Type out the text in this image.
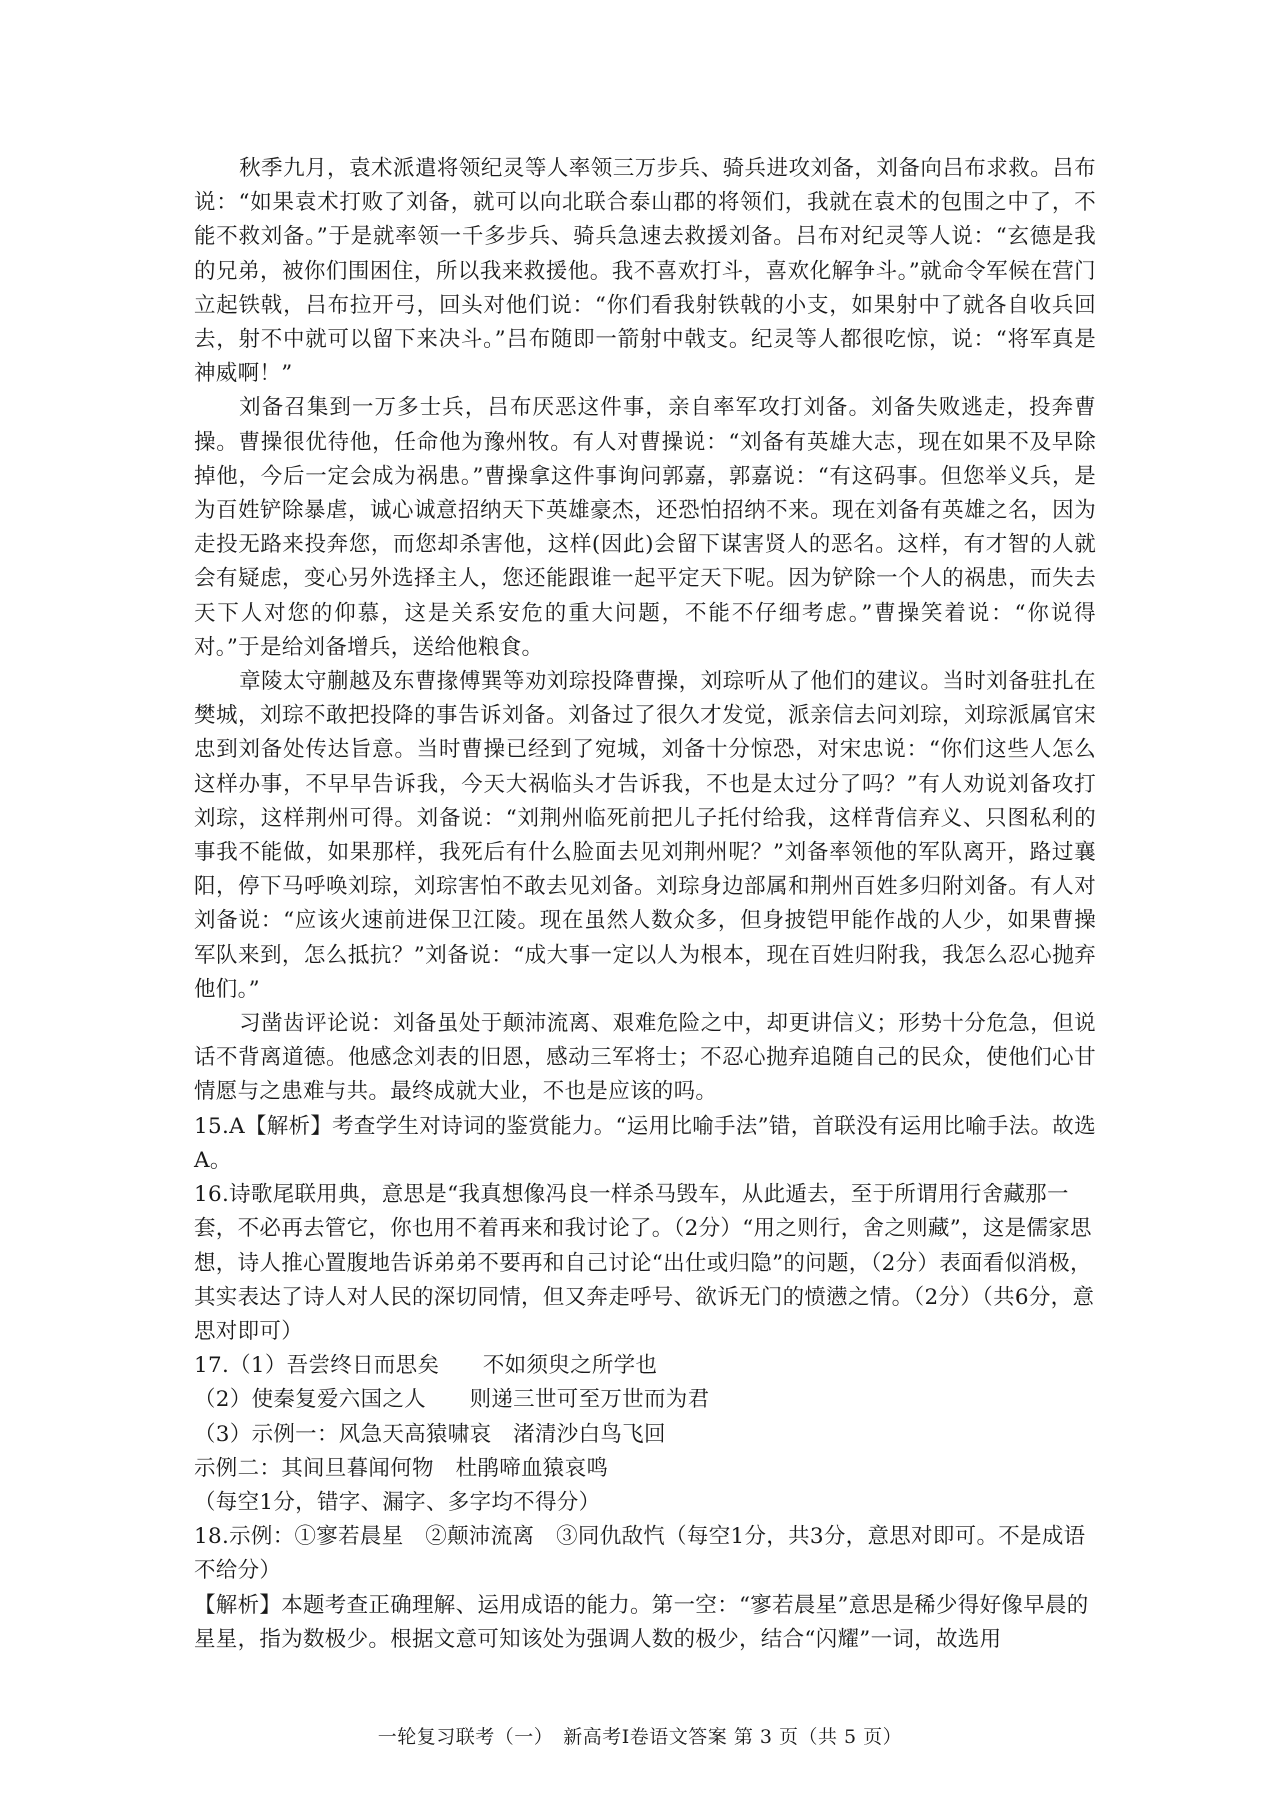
秋季九月，袁术派遣将领纪灵等人率领三万步兵、骑兵进攻刘备，刘备向吕布求救。吕布说：“如果袁术打败了刘备，就可以向北联合泰山郡的将领们，我就在袁术的包围之中了，不能不救刘备。”于是就率领一千多步兵、骑兵急速去救援刘备。吕布对纪灵等人说：“玄德是我的兄弟，被你们围困住，所以我来救援他。我不喜欢打斗，喜欢化解争斗。”就命令军候在营门立起铁戟，吕布拉开弓，回头对他们说：“你们看我射铁戟的小支，如果射中了就各自收兵回去，射不中就可以留下来决斗。”吕布随即一箭射中戟支。纪灵等人都很吃惊，说：“将军真是神威啊！”

刘备召集到一万多士兵，吕布厌恶这件事，亲自率军攻打刘备。刘备失败逃走，投奔曹操。曹操很优待他，任命他为豫州牧。有人对曹操说：“刘备有英雄大志，现在如果不及早除掉他，今后一定会成为祸患。”曹操拿这件事询问郭嘉，郭嘉说：“有这码事。但您举义兵，是为百姓铲除暴虐，诚心诚意招纳天下英雄豪杰，还恐怕招纳不来。现在刘备有英雄之名，因为走投无路来投奔您，而您却杀害他，这样(因此)会留下谋害贤人的恶名。这样，有才智的人就会有疑虑，变心另外选择主人，您还能跟谁一起平定天下呢。因为铲除一个人的祸患，而失去天下人对您的仰慕，这是关系安危的重大问题，不能不仔细考虑。”曹操笑着说：“你说得对。”于是给刘备增兵，送给他粮食。

章陵太守蒯越及东曹掾傅巽等劝刘琮投降曹操，刘琮听从了他们的建议。当时刘备驻扎在樊城，刘琮不敢把投降的事告诉刘备。刘备过了很久才发觉，派亲信去问刘琮，刘琮派属官宋忠到刘备处传达旨意。当时曹操已经到了宛城，刘备十分惊恐，对宋忠说：“你们这些人怎么这样办事，不早早告诉我，今天大祸临头才告诉我，不也是太过分了吗？”有人劝说刘备攻打刘琮，这样荆州可得。刘备说：“刘荆州临死前把儿子托付给我，这样背信弃义、只图私利的事我不能做，如果那样，我死后有什么脸面去见刘荆州呢？”刘备率领他的军队离开，路过襄阳，停下马呼唤刘琮，刘琮害怕不敢去见刘备。刘琮身边部属和荆州百姓多归附刘备。有人对刘备说：“应该火速前进保卫江陵。现在虽然人数众多，但身披铠甲能作战的人少，如果曹操军队来到，怎么抵抗？”刘备说：“成大事一定以人为根本，现在百姓归附我，我怎么忍心抛弃他们。”

习凿齿评论说：刘备虽处于颠沛流离、艰难危险之中，却更讲信义；形势十分危急，但说话不背离道德。他感念刘表的旧恩，感动三军将士；不忍心抛弃追随自己的民众，使他们心甘情愿与之患难与共。最终成就大业，不也是应该的吗。

15.A【解析】考查学生对诗词的鉴赏能力。“运用比喻手法”错，首联没有运用比喻手法。故选A。

16.诗歌尾联用典，意思是“我真想像冯良一样杀马毁车，从此遁去，至于所谓用行舍藏那一套，不必再去管它，你也用不着再来和我讨论了。（2分）“用之则行，舍之则藏”，这是儒家思想，诗人推心置腹地告诉弟弟不要再和自己讨论“出仕或归隐”的问题，（2分）表面看似消极，其实表达了诗人对人民的深切同情，但又奔走呼号、欲诉无门的愤懑之情。（2分）（共6分，意思对即可）

17.（1）吾尝终日而思矣　　不如须臾之所学也

（2）使秦复爱六国之人　　则递三世可至万世而为君

（3）示例一：风急天高猿啸哀　渚清沙白鸟飞回

示例二：其间旦暮闻何物　杜鹃啼血猿哀鸣

（每空1分，错字、漏字、多字均不得分）

18.示例：①寥若晨星　②颠沛流离　③同仇敌忾（每空1分，共3分，意思对即可。不是成语不给分）

【解析】本题考查正确理解、运用成语的能力。第一空：“寥若晨星”意思是稀少得好像早晨的星星，指为数极少。根据文意可知该处为强调人数的极少，结合“闪耀”一词，故选用

一轮复习联考（一）　新高考Ⅰ卷语文答案 第 3 页（共 5 页）
